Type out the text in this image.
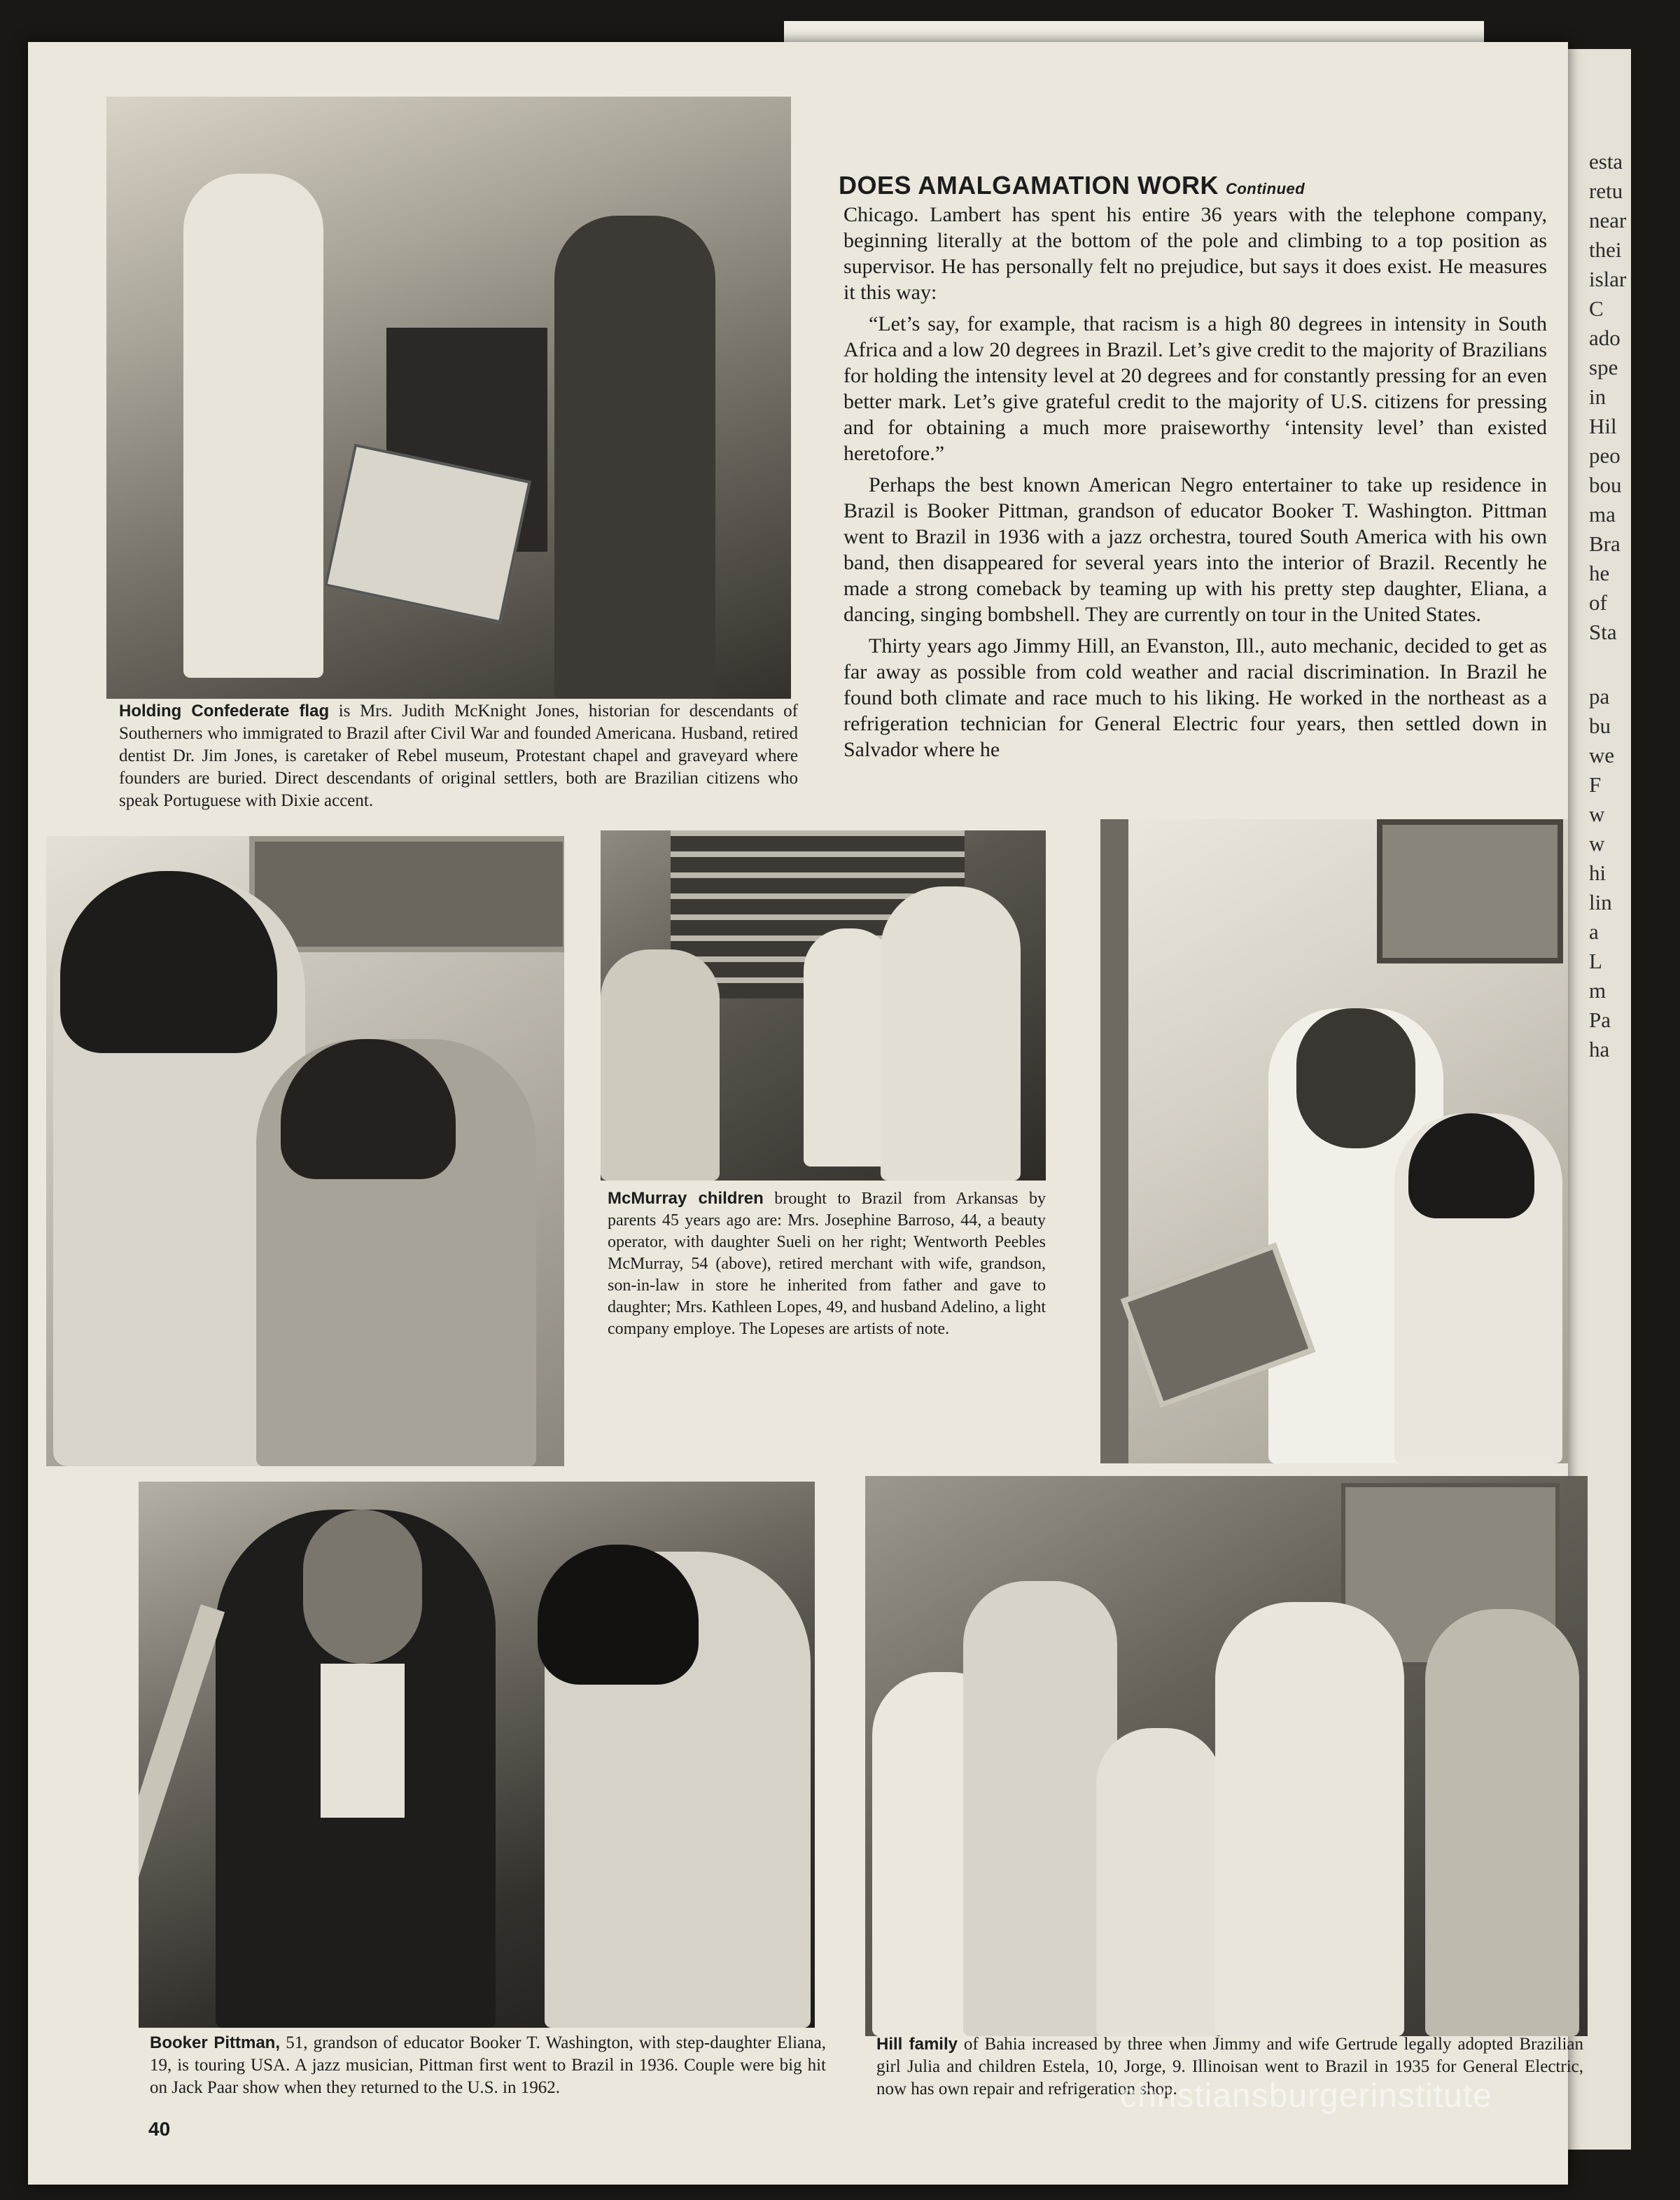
esta
retu
near
thei
islar
C
ado
spe
in
Hil
peo
bou
ma
Bra
he
of
Sta
pa
bu
we
F
w
w
hi
lin
a
L
m
Pa
ha
Holding Confederate flag is Mrs. Judith McKnight Jones, historian for descendants of Southerners who immigrated to Brazil after Civil War and founded Americana. Husband, retired dentist Dr. Jim Jones, is caretaker of Rebel museum, Protestant chapel and graveyard where founders are buried. Direct descendants of original settlers, both are Brazilian citizens who speak Portuguese with Dixie accent.
DOES AMALGAMATION WORK Continued

Chicago. Lambert has spent his entire 36 years with the telephone company, beginning literally at the bottom of the pole and climbing to a top position as supervisor. He has personally felt no prejudice, but says it does exist. He measures it this way:

“Let’s say, for example, that racism is a high 80 degrees in intensity in South Africa and a low 20 degrees in Brazil. Let’s give credit to the majority of Brazilians for holding the intensity level at 20 degrees and for constantly pressing for an even better mark. Let’s give grateful credit to the majority of U.S. citizens for pressing and for obtaining a much more praiseworthy ‘intensity level’ than existed heretofore.”

Perhaps the best known American Negro entertainer to take up residence in Brazil is Booker Pittman, grandson of educator Booker T. Washington. Pittman went to Brazil in 1936 with a jazz orchestra, toured South America with his own band, then disappeared for several years into the interior of Brazil. Recently he made a strong comeback by teaming up with his pretty step daughter, Eliana, a dancing, singing bombshell. They are currently on tour in the United States.

Thirty years ago Jimmy Hill, an Evanston, Ill., auto mechanic, decided to get as far away as possible from cold weather and racial discrimination. In Brazil he found both climate and race much to his liking. He worked in the northeast as a refrigeration technician for General Electric four years, then settled down in Salvador where he

McMurray children brought to Brazil from Arkansas by parents 45 years ago are: Mrs. Josephine Barroso, 44, a beauty operator, with daughter Sueli on her right; Wentworth Peebles McMurray, 54 (above), retired merchant with wife, grandson, son-in-law in store he inherited from father and gave to daughter; Mrs. Kathleen Lopes, 49, and husband Adelino, a light company employe. The Lopeses are artists of note.
Booker Pittman, 51, grandson of educator Booker T. Washington, with step-daughter Eliana, 19, is touring USA. A jazz musician, Pittman first went to Brazil in 1936. Couple were big hit on Jack Paar show when they returned to the U.S. in 1962.
Hill family of Bahia increased by three when Jimmy and wife Gertrude legally adopted Brazilian girl Julia and children Estela, 10, Jorge, 9. Illinoisan went to Brazil in 1935 for General Electric, now has own repair and refrigeration shop.
40
christiansburgerinstitute
